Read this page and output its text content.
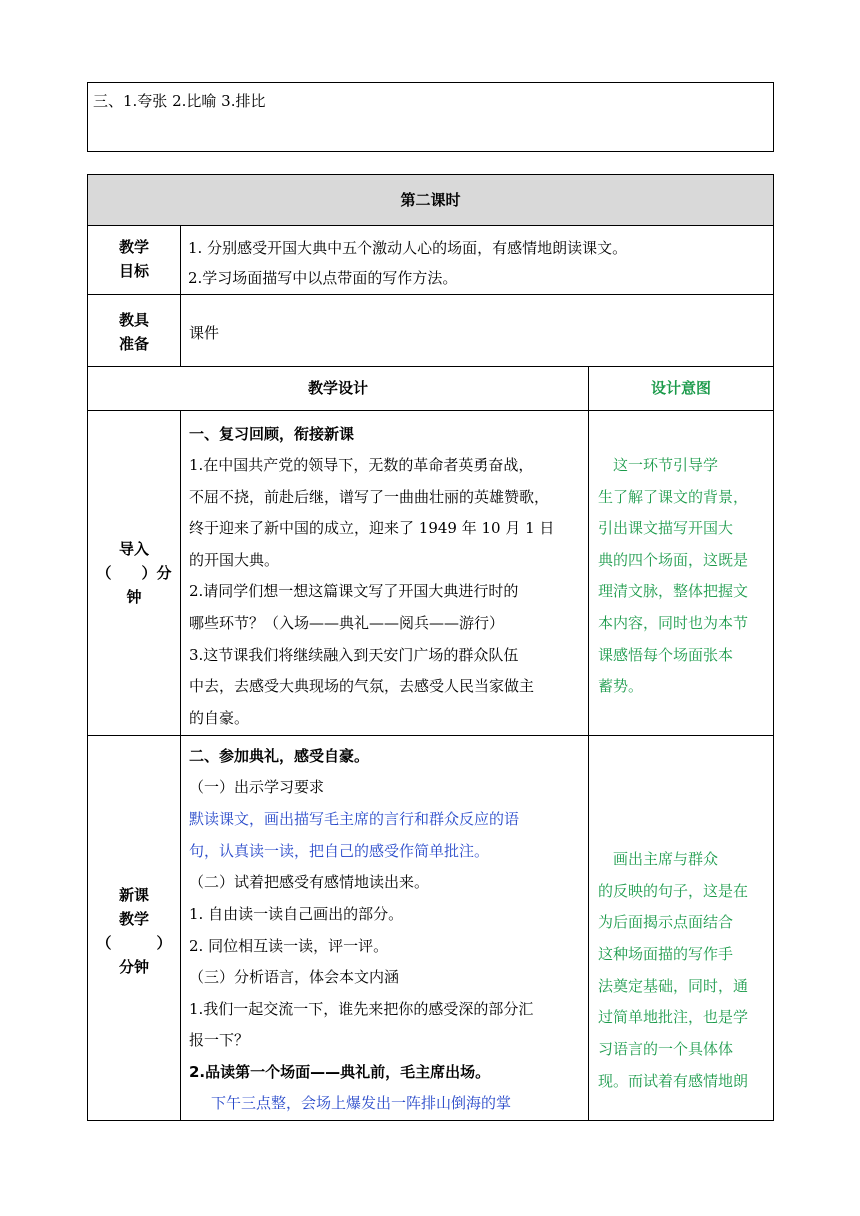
三、1.夸张 2.比喻 3.排比
第二课时
教学
目标
1. 分别感受开国大典中五个激动人心的场面，有感情地朗读课文。
2.学习场面描写中以点带面的写作方法。
教具
准备
课件
教学设计	设计意图
导入
（　　）分
钟
一、复习回顾，衔接新课
1.在中国共产党的领导下，无数的革命者英勇奋战，
不屈不挠，前赴后继，谱写了一曲曲壮丽的英雄赞歌，
终于迎来了新中国的成立，迎来了 1949 年 10 月 1 日
的开国大典。
2.请同学们想一想这篇课文写了开国大典进行时的
哪些环节？（入场——典礼——阅兵——游行）
3.这节课我们将继续融入到天安门广场的群众队伍
中去，去感受大典现场的气氛，去感受人民当家做主
的自豪。
　这一环节引导学
生了解了课文的背景，
引出课文描写开国大
典的四个场面，这既是
理清文脉，整体把握文
本内容，同时也为本节
课感悟每个场面张本
蓄势。
新课
教学
（　　　）
分钟
二、参加典礼，感受自豪。
（一）出示学习要求
默读课文，画出描写毛主席的言行和群众反应的语
句，认真读一读，把自己的感受作简单批注。
（二）试着把感受有感情地读出来。
1. 自由读一读自己画出的部分。
2. 同位相互读一读，评一评。
（三）分析语言，体会本文内涵
1.我们一起交流一下，谁先来把你的感受深的部分汇
报一下？
2.品读第一个场面——典礼前，毛主席出场。
　下午三点整，会场上爆发出一阵排山倒海的掌
　画出主席与群众
的反映的句子，这是在
为后面揭示点面结合
这种场面描的写作手
法奠定基础，同时，通
过简单地批注，也是学
习语言的一个具体体
现。而试着有感情地朗
